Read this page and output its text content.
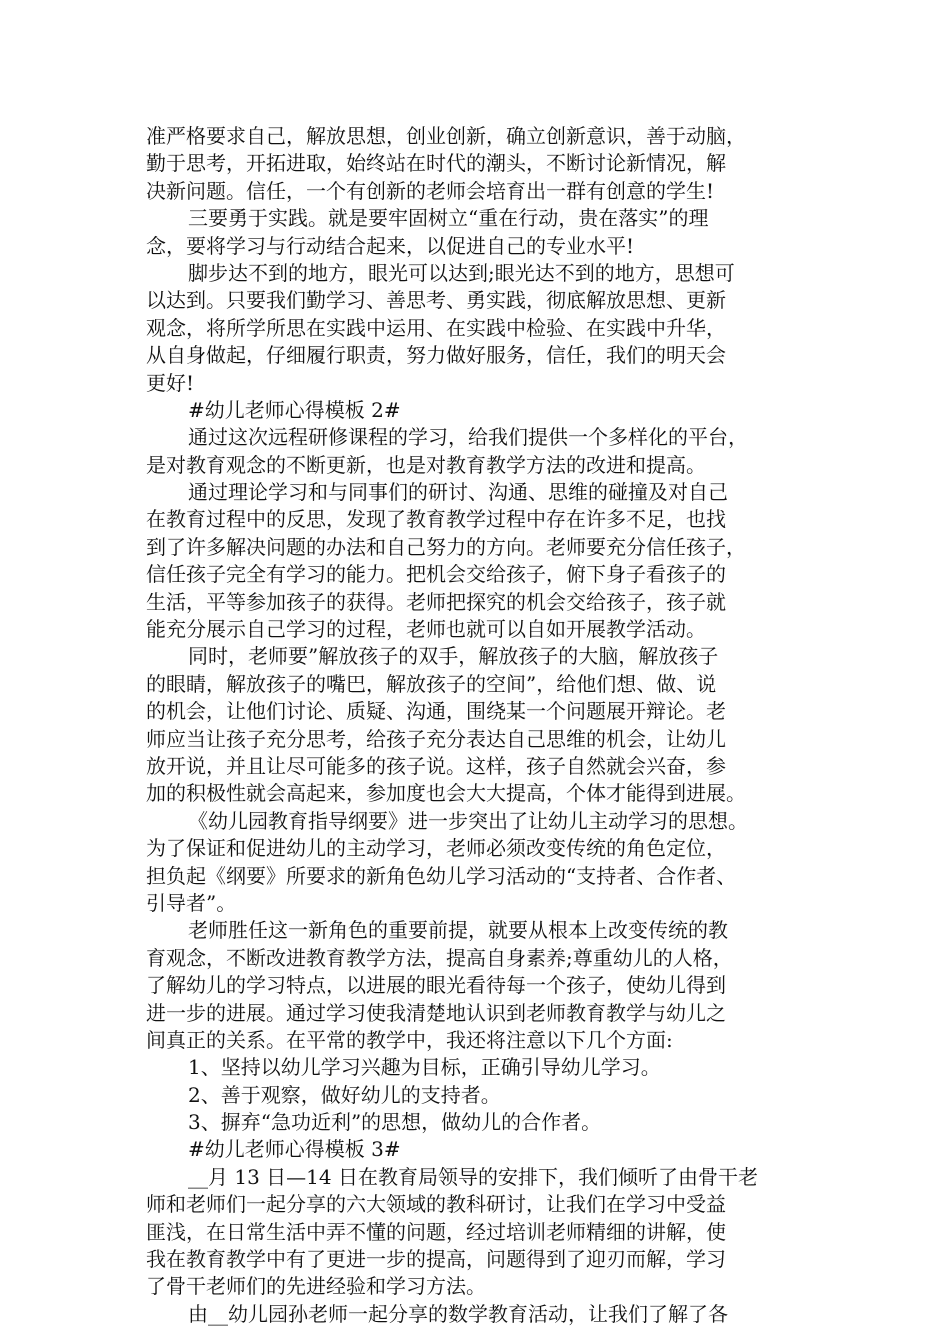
准严格要求自己，解放思想，创业创新，确立创新意识，善于动脑，
勤于思考，开拓进取，始终站在时代的潮头，不断讨论新情况，解
决新问题。信任，一个有创新的老师会培育出一群有创意的学生!
三要勇于实践。就是要牢固树立“重在行动，贵在落实”的理
念，要将学习与行动结合起来，以促进自己的专业水平!
脚步达不到的地方，眼光可以达到;眼光达不到的地方，思想可
以达到。只要我们勤学习、善思考、勇实践，彻底解放思想、更新
观念，将所学所思在实践中运用、在实践中检验、在实践中升华，
从自身做起，仔细履行职责，努力做好服务，信任，我们的明天会
更好!
#幼儿老师心得模板 2#
通过这次远程研修课程的学习，给我们提供一个多样化的平台，
是对教育观念的不断更新，也是对教育教学方法的改进和提高。
通过理论学习和与同事们的研讨、沟通、思维的碰撞及对自己
在教育过程中的反思，发现了教育教学过程中存在许多不足，也找
到了许多解决问题的办法和自己努力的方向。老师要充分信任孩子，
信任孩子完全有学习的能力。把机会交给孩子，俯下身子看孩子的
生活，平等参加孩子的获得。老师把探究的机会交给孩子，孩子就
能充分展示自己学习的过程，老师也就可以自如开展教学活动。
同时，老师要”解放孩子的双手，解放孩子的大脑，解放孩子
的眼睛，解放孩子的嘴巴，解放孩子的空间”，给他们想、做、说
的机会，让他们讨论、质疑、沟通，围绕某一个问题展开辩论。老
师应当让孩子充分思考，给孩子充分表达自己思维的机会，让幼儿
放开说，并且让尽可能多的孩子说。这样，孩子自然就会兴奋，参
加的积极性就会高起来，参加度也会大大提高，个体才能得到进展。
《幼儿园教育指导纲要》进一步突出了让幼儿主动学习的思想。
为了保证和促进幼儿的主动学习，老师必须改变传统的角色定位，
担负起《纲要》所要求的新角色幼儿学习活动的“支持者、合作者、
引导者”。
老师胜任这一新角色的重要前提，就要从根本上改变传统的教
育观念，不断改进教育教学方法，提高自身素养;尊重幼儿的人格，
了解幼儿的学习特点，以进展的眼光看待每一个孩子，使幼儿得到
进一步的进展。通过学习使我清楚地认识到老师教育教学与幼儿之
间真正的关系。在平常的教学中，我还将注意以下几个方面:
1、坚持以幼儿学习兴趣为目标，正确引导幼儿学习。
2、善于观察，做好幼儿的支持者。
3、摒弃“急功近利”的思想，做幼儿的合作者。
#幼儿老师心得模板 3#
__月 13 日—14 日在教育局领导的安排下，我们倾听了由骨干老
师和老师们一起分享的六大领域的教科研讨，让我们在学习中受益
匪浅，在日常生活中弄不懂的问题，经过培训老师精细的讲解，使
我在教育教学中有了更进一步的提高，问题得到了迎刃而解，学习
了骨干老师们的先进经验和学习方法。
由__幼儿园孙老师一起分享的数学教育活动，让我们了解了各
